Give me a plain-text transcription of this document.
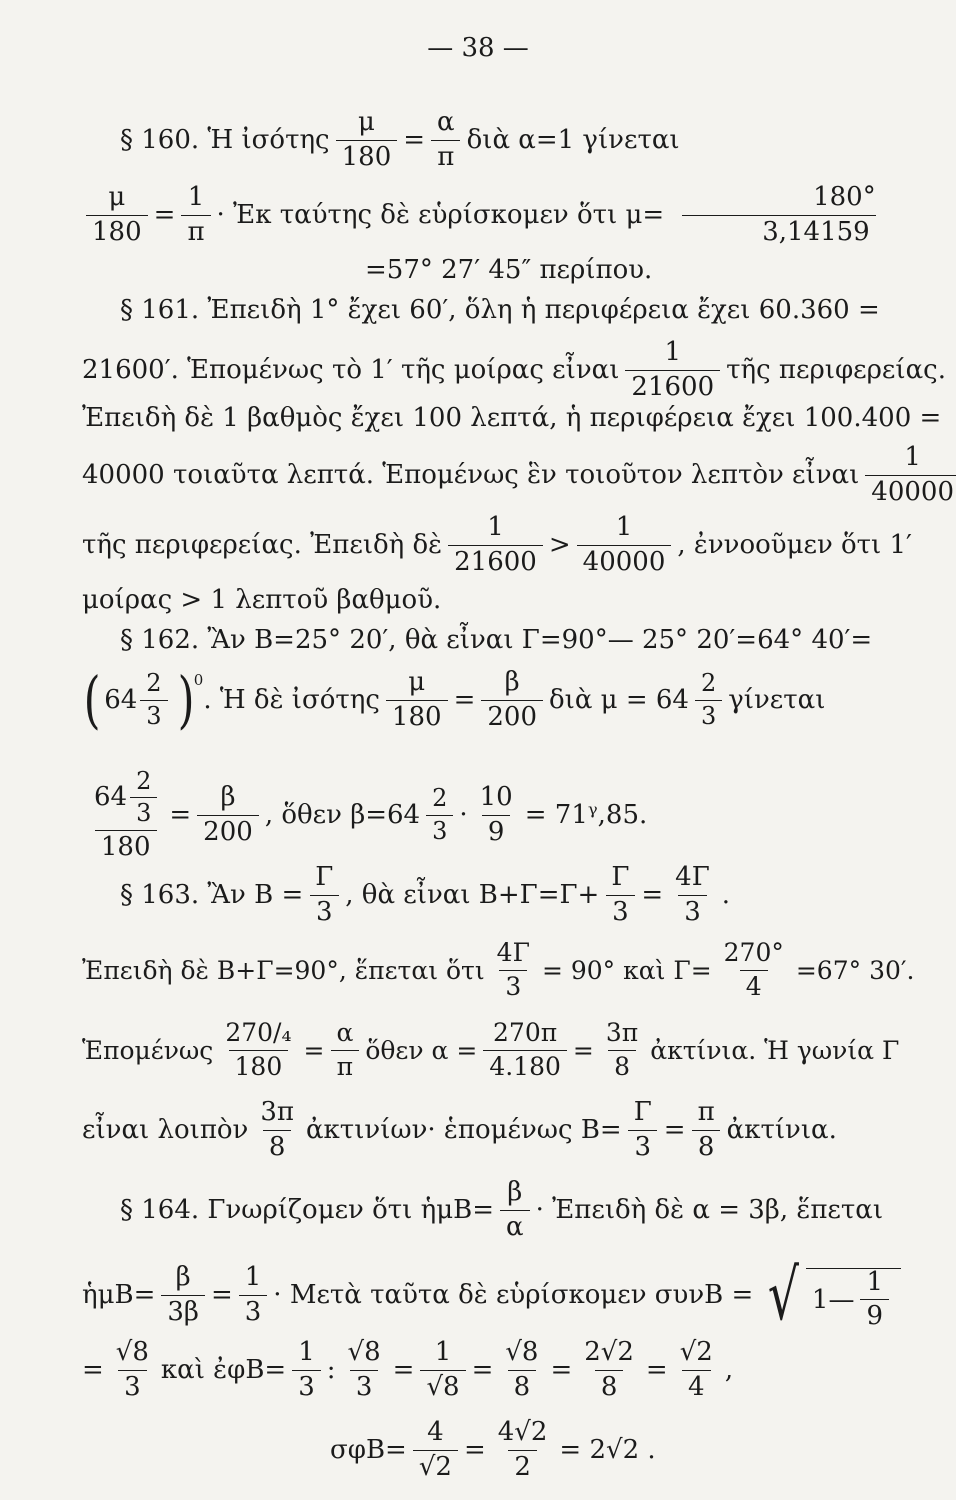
— 38 —
§ 160. Ἡ ἰσότης $\frac{\mu}{180} = \frac{\alpha}{\pi}$ διὰ α=1 γίνεται
$\frac{\mu}{180} = \frac{1}{\pi}$ · Ἐκ ταύτης δὲ εὑρίσκομεν ὅτι $\mu= \frac{180^\circ}{3,14159}$
=57° 27′ 45″ περίπου.
§ 161. Ἐπειδὴ 1° ἔχει 60′, ὅλη ἡ περιφέρεια ἔχει 60.360 =
21600′. Ἑπομένως τὸ 1′ τῆς μοίρας εἶναι $\frac{1}{21600}$ τῆς περιφερείας.
Ἐπειδὴ δὲ 1 βαθμὸς ἔχει 100 λεπτά, ἡ περιφέρεια ἔχει 100.400 =
40000 τοιαῦτα λεπτά. Ἑπομένως ἓν τοιοῦτον λεπτὸν εἶναι $\frac{1}{40000}$
τῆς περιφερείας. Ἐπειδὴ δὲ $\frac{1}{21600} > \frac{1}{40000}$ , ἐννοοῦμεν ὅτι 1′
μοίρας > 1 λεπτοῦ βαθμοῦ.
§ 162. Ἂν Β=25° 20′, θὰ εἶναι Γ=90°— 25° 20′=64° 40′=
( $64 \frac{2}{3}$ ) 0
. Ἡ δὲ ἰσότης $\frac{\mu}{180} = \frac{\beta}{200}$ διὰ $\mu = 64 \frac{2}{3}$ γίνεται
$\frac{64 \frac{2}{3}}{180} = \frac{\beta}{200}$ , ὅθεν $\beta=64 \frac{2}{3} \cdot \frac{10}{9}$ = 71ᵞ,85.
§ 163. Ἂν $B = \frac{\Gamma}{3}$ , θὰ εἶναι $B+\Gamma=\Gamma+ \frac{\Gamma}{3} = \frac{4\Gamma}{3}$ .
Ἐπειδὴ δὲ Β+Γ=90°, ἕπεται ὅτι $\frac{4\Gamma}{3} = 90^\circ$ καὶ $\Gamma= \frac{270^\circ}{4} =67^\circ$ 30′.
Ἑπομένως $\frac{\text{270/₄}}{180} = \frac{\alpha}{\pi}$ ὅθεν $\alpha = \frac{270\pi}{4.180} = \frac{3\pi}{8}$ ἀκτίνια. Ἡ γωνία Γ
εἶναι λοιπὸν $\frac{3\pi}{8}$ ἀκτινίων· ἑπομένως $B= \frac{\Gamma}{3} = \frac{\pi}{8}$ ἀκτίνια.
§ 164. Γνωρίζομεν ὅτι ἡμΒ= $\frac{\beta}{\alpha}$ · Ἐπειδὴ δὲ α = 3β, ἕπεται
ἡμΒ= $\frac{\beta}{3\beta} = \frac{1}{3}$ · Μετὰ ταῦτα δὲ εὑρίσκομεν συνΒ = √ 1— $\frac{1}{9}$
= $\frac{√8}{3}$ καὶ ἐφΒ= $\frac{1}{3}$ : $\frac{√8}{3} = \frac{1}{√8} = \frac{√8}{8} = \frac{2√2}{8} = \frac{√2}{4}$ ,
$\sigma\varphi B= \frac{4}{√2} = \frac{4√2}{2} = 2√2$ .
